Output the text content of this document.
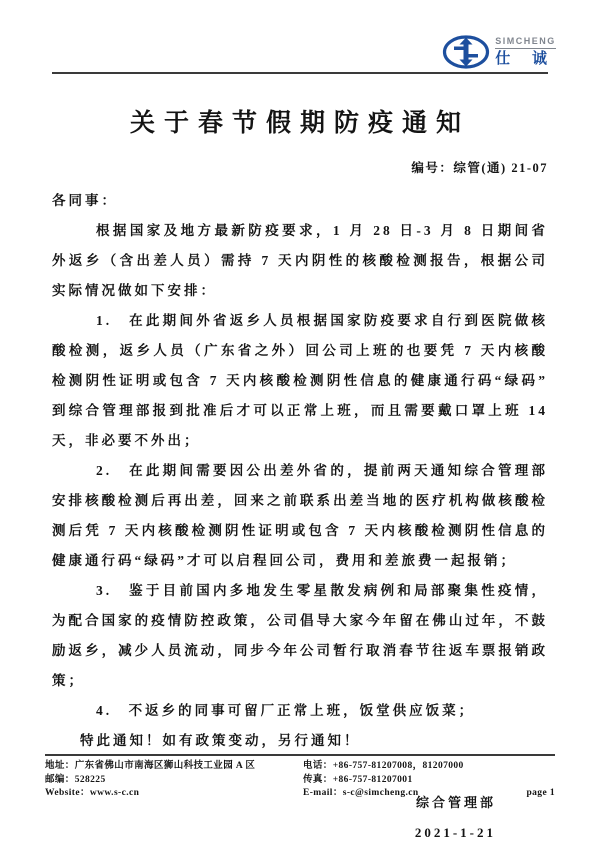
SIMCHENG
仕 诚
关于春节假期防疫通知
编号：综管(通) 21-07

各同事：

根据国家及地方最新防疫要求，1 月 28 日-3 月 8 日期间省外返乡（含出差人员）需持 7 天内阴性的核酸检测报告，根据公司实际情况做如下安排：

1.　在此期间外省返乡人员根据国家防疫要求自行到医院做核酸检测，返乡人员（广东省之外）回公司上班的也要凭 7 天内核酸检测阴性证明或包含 7 天内核酸检测阴性信息的健康通行码“绿码”到综合管理部报到批准后才可以正常上班，而且需要戴口罩上班 14 天，非必要不外出；

2.　在此期间需要因公出差外省的，提前两天通知综合管理部安排核酸检测后再出差，回来之前联系出差当地的医疗机构做核酸检测后凭 7 天内核酸检测阴性证明或包含 7 天内核酸检测阴性信息的健康通行码“绿码”才可以启程回公司，费用和差旅费一起报销；

3.　鉴于目前国内多地发生零星散发病例和局部聚集性疫情，为配合国家的疫情防控政策，公司倡导大家今年留在佛山过年，不鼓励返乡，减少人员流动，同步今年公司暂行取消春节往返车票报销政策；

4.　不返乡的同事可留厂正常上班，饭堂供应饭菜；

特此通知！如有政策变动，另行通知！

综合管理部
2021-1-21
地址：广东省佛山市南海区狮山科技工业园 A 区	电话：+86-757-81207008，81207000
邮编：528225	传真：+86-757-81207001
Website：www.s-c.cn	E-mail：s-c@simcheng.cn	page 1
